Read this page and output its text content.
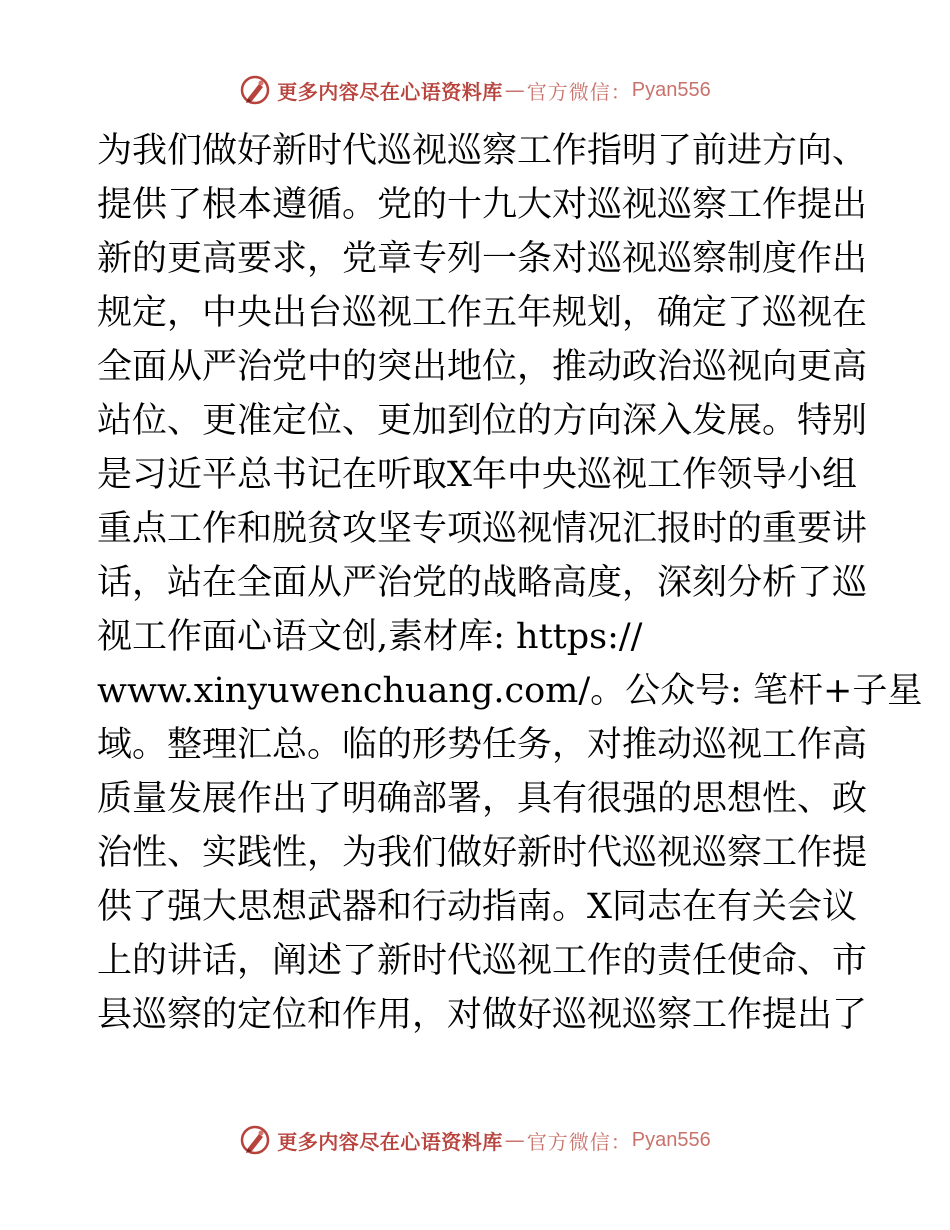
更多内容尽在心语资料库 — 官方微信： Pyan556
为我们做好新时代巡视巡察工作指明了前进方向、
提供了根本遵循。党的十九大对巡视巡察工作提出
新的更高要求，党章专列一条对巡视巡察制度作出
规定，中央出台巡视工作五年规划，确定了巡视在
全面从严治党中的突出地位，推动政治巡视向更高
站位、更准定位、更加到位的方向深入发展。特别
是习近平总书记在听取X年中央巡视工作领导小组
重点工作和脱贫攻坚专项巡视情况汇报时的重要讲
话，站在全面从严治党的战略高度，深刻分析了巡
视工作面心语文创,素材库: https://
www.xinyuwenchuang.com/。公众号: 笔杆+子星
域。整理汇总。临的形势任务，对推动巡视工作高
质量发展作出了明确部署，具有很强的思想性、政
治性、实践性，为我们做好新时代巡视巡察工作提
供了强大思想武器和行动指南。X同志在有关会议
上的讲话，阐述了新时代巡视工作的责任使命、市
县巡察的定位和作用，对做好巡视巡察工作提出了
更多内容尽在心语资料库 — 官方微信： Pyan556
